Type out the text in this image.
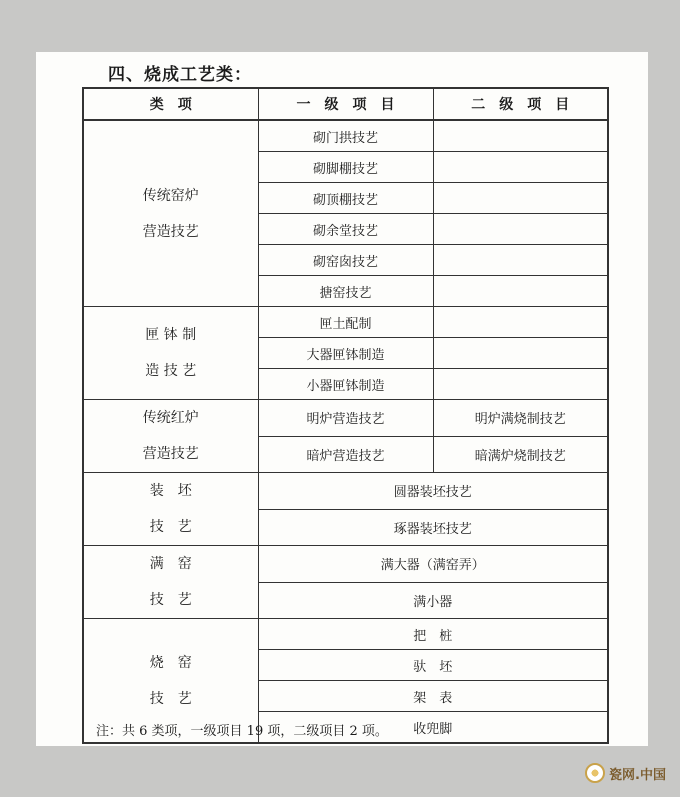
四、烧成工艺类：
类　项	一　级　项　目	二　级　项　目

传统窑炉
营造技艺	砌门拱技艺	
	砌脚棚技艺	
	砌顶棚技艺	
	砌余堂技艺	
	砌窑囱技艺	
	搪窑技艺	

匣 钵 制
造 技 艺	匣土配制	
	大器匣钵制造	
	小器匣钵制造	

传统红炉
营造技艺	明炉营造技艺	明炉满烧制技艺
	暗炉营造技艺	暗满炉烧制技艺

装　坯
技　艺	圆器装坯技艺	
	琢器装坯技艺	

满　窑
技　艺	满大器（满窑弄）	
	满小器	

烧　窑
技　艺	把　桩	
	驮　坯	
	架　表	
	收兜脚	
注：共 6 类项，一级项目 19 项，二级项目 2 项。
瓷网.中国
